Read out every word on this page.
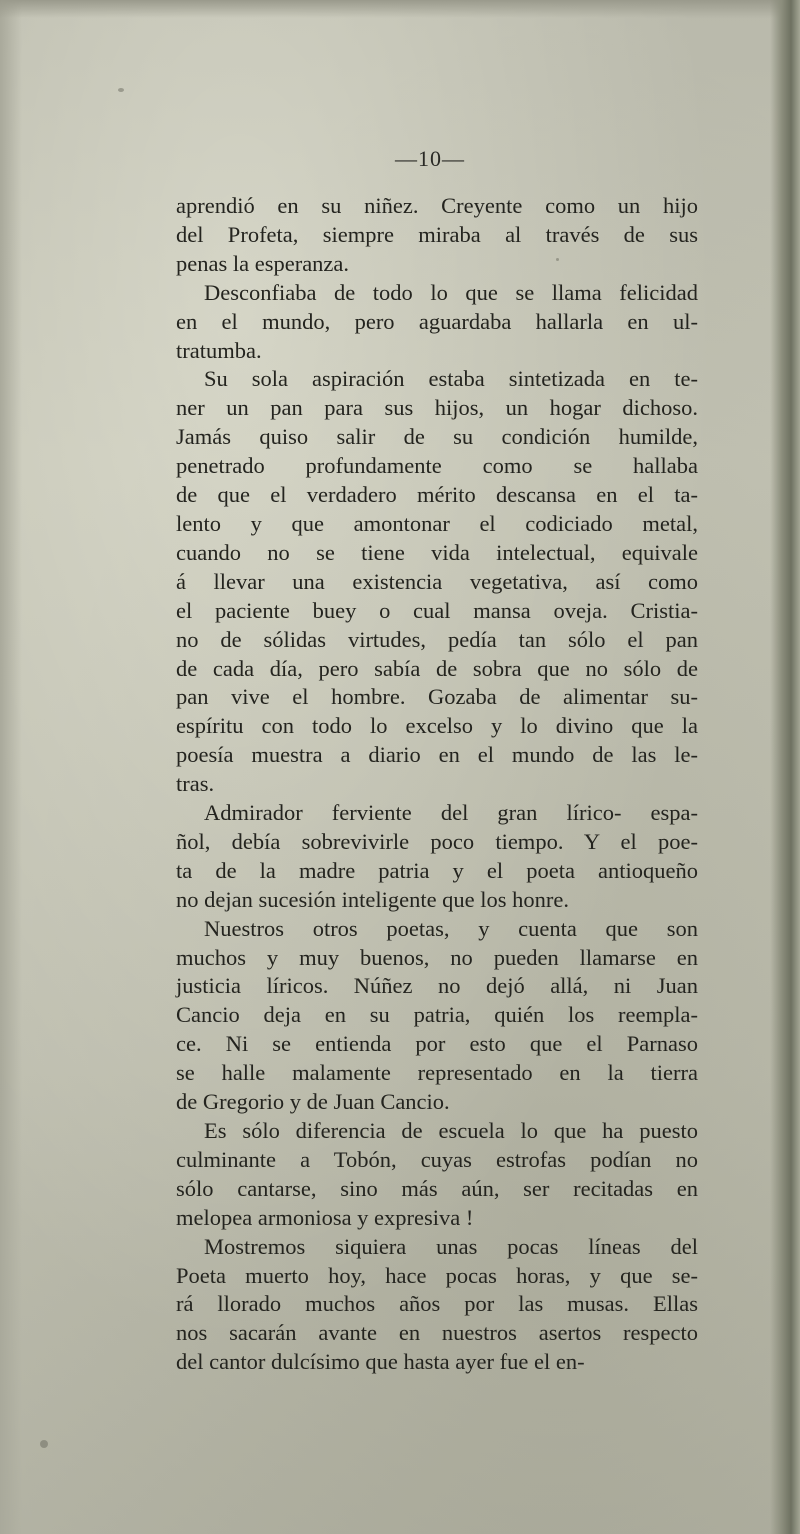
—10—

aprendió en su niñez. Creyente como un hijo
del Profeta, siempre miraba al través de sus
penas la esperanza.

Desconfiaba de todo lo que se llama felicidad
en el mundo, pero aguardaba hallarla en ul-
tratumba.

Su sola aspiración estaba sintetizada en te-
ner un pan para sus hijos, un hogar dichoso.
Jamás quiso salir de su condición humilde,
penetrado profundamente como se hallaba
de que el verdadero mérito descansa en el ta-
lento y que amontonar el codiciado metal,
cuando no se tiene vida intelectual, equivale
á llevar una existencia vegetativa, así como
el paciente buey o cual mansa oveja. Cristia-
no de sólidas virtudes, pedía tan sólo el pan
de cada día, pero sabía de sobra que no sólo de
pan vive el hombre. Gozaba de alimentar su-
espíritu con todo lo excelso y lo divino que la
poesía muestra a diario en el mundo de las le-
tras.

Admirador ferviente del gran lírico- espa-
ñol, debía sobrevivirle poco tiempo. Y el poe-
ta de la madre patria y el poeta antioqueño
no dejan sucesión inteligente que los honre.

Nuestros otros poetas, y cuenta que son
muchos y muy buenos, no pueden llamarse en
justicia líricos. Núñez no dejó allá, ni Juan
Cancio deja en su patria, quién los reempla-
ce. Ni se entienda por esto que el Parnaso
se halle malamente representado en la tierra
de Gregorio y de Juan Cancio.

Es sólo diferencia de escuela lo que ha puesto
culminante a Tobón, cuyas estrofas podían no
sólo cantarse, sino más aún, ser recitadas en
melopea armoniosa y expresiva !

Mostremos siquiera unas pocas líneas del
Poeta muerto hoy, hace pocas horas, y que se-
rá llorado muchos años por las musas. Ellas
nos sacarán avante en nuestros asertos respecto
del cantor dulcísimo que hasta ayer fue el en-
